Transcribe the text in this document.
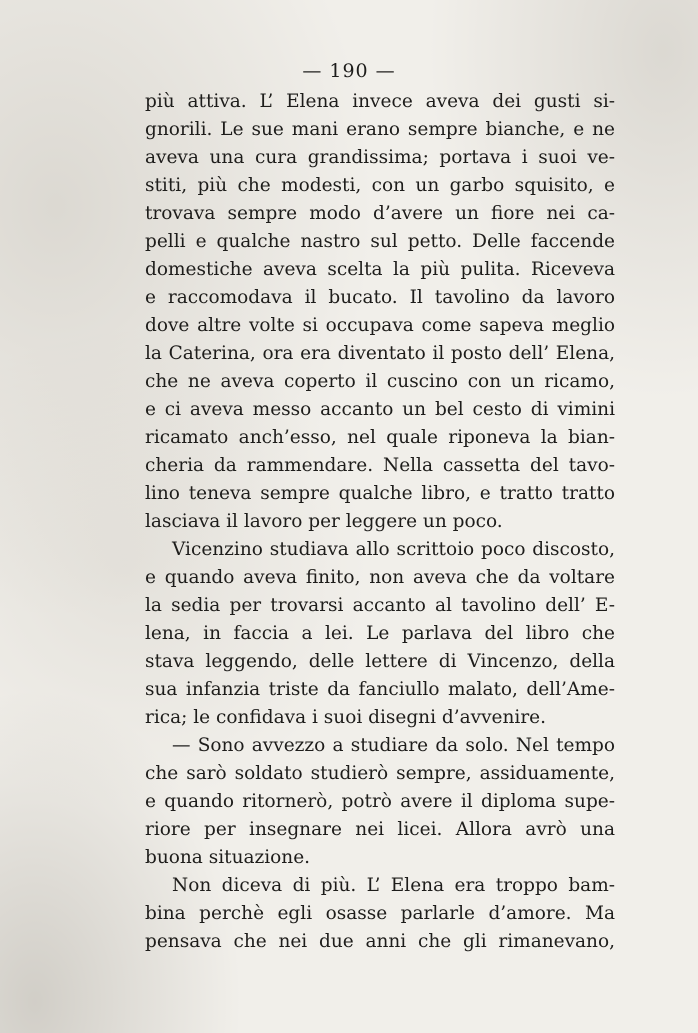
— 190 —
più attiva. L’ Elena invece aveva dei gusti si-
gnorili. Le sue mani erano sempre bianche, e ne
aveva una cura grandissima; portava i suoi ve-
stiti, più che modesti, con un garbo squisito, e
trovava sempre modo d’avere un fiore nei ca-
pelli e qualche nastro sul petto. Delle faccende
domestiche aveva scelta la più pulita. Riceveva
e raccomodava il bucato. Il tavolino da lavoro
dove altre volte si occupava come sapeva meglio
la Caterina, ora era diventato il posto dell’ Elena,
che ne aveva coperto il cuscino con un ricamo,
e ci aveva messo accanto un bel cesto di vimini
ricamato anch’esso, nel quale riponeva la bian-
cheria da rammendare. Nella cassetta del tavo-
lino teneva sempre qualche libro, e tratto tratto
lasciava il lavoro per leggere un poco.
Vicenzino studiava allo scrittoio poco discosto,
e quando aveva finito, non aveva che da voltare
la sedia per trovarsi accanto al tavolino dell’ E-
lena, in faccia a lei. Le parlava del libro che
stava leggendo, delle lettere di Vincenzo, della
sua infanzia triste da fanciullo malato, dell’Ame-
rica; le confidava i suoi disegni d’avvenire.
— Sono avvezzo a studiare da solo. Nel tempo
che sarò soldato studierò sempre, assiduamente,
e quando ritornerò, potrò avere il diploma supe-
riore per insegnare nei licei. Allora avrò una
buona situazione.
Non diceva di più. L’ Elena era troppo bam-
bina perchè egli osasse parlarle d’amore. Ma
pensava che nei due anni che gli rimanevano,
